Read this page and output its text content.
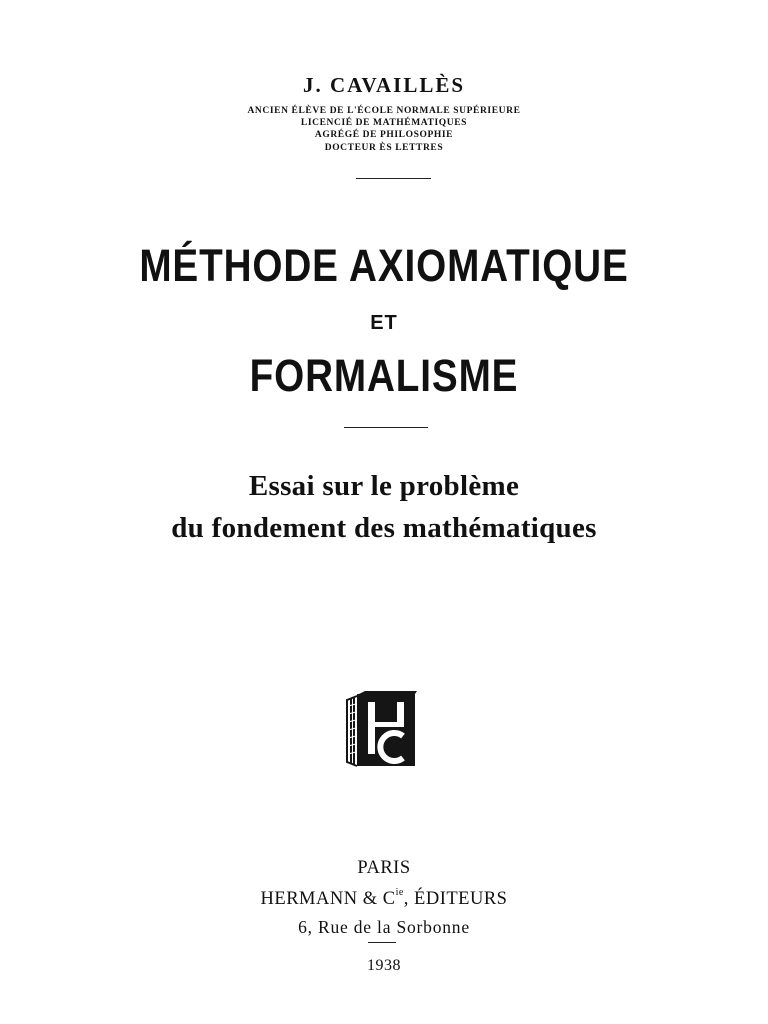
J. CAVAILLÈS
ANCIEN ÉLÈVE DE L'ÉCOLE NORMALE SUPÉRIEURE
LICENCIÉ DE MATHÉMATIQUES
AGRÉGÉ DE PHILOSOPHIE
DOCTEUR ÈS LETTRES
MÉTHODE AXIOMATIQUE
ET
FORMALISME
Essai sur le problème
du fondement des mathématiques
PARIS
HERMANN & $C^{ie}$, ÉDITEURS
6, Rue de la Sorbonne
1938
